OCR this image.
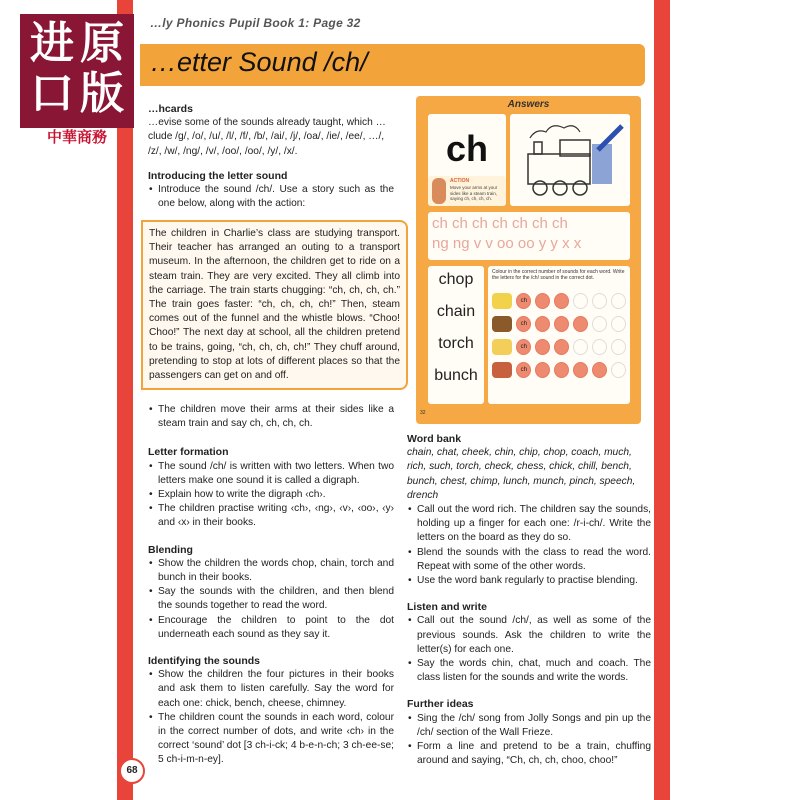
进 原
口 版
中華商務
…ly Phonics Pupil Book 1: Page 32
…etter Sound /ch/
…hcards

…evise some of the sounds already taught, which …clude /g/, /o/, /u/, /l/, /f/, /b/, /ai/, /j/, /oa/, /ie/, /ee/, …/, /z/, /w/, /ng/, /v/, /oo/, /oo/, /y/, /x/.

Introducing the letter sound
• Introduce the sound /ch/. Use a story such as the one below, along with the action:
The children in Charlie’s class are studying transport. Their teacher has arranged an outing to a transport museum. In the afternoon, the children get to ride on a steam train. They are very excited. They all climb into the carriage. The train starts chugging: “ch, ch, ch, ch.” The train goes faster: “ch, ch, ch, ch!” Then, steam comes out of the funnel and the whistle blows. “Choo! Choo!” The next day at school, all the children pretend to be trains, going, “ch, ch, ch, ch!” They chuff around, pretending to stop at lots of different places so that the passengers can get on and off.
• The children move their arms at their sides like a steam train and say ch, ch, ch, ch.
Letter formation
• The sound /ch/ is written with two letters. When two letters make one sound it is called a digraph.
• Explain how to write the digraph ‹ch›.
• The children practise writing ‹ch›, ‹ng›, ‹v›, ‹oo›, ‹y› and ‹x› in their books.
Blending
• Show the children the words chop, chain, torch and bunch in their books.
• Say the sounds with the children, and then blend the sounds together to read the word.
• Encourage the children to point to the dot underneath each sound as they say it.
Identifying the sounds
• Show the children the four pictures in their books and ask them to listen carefully. Say the word for each one: chick, bench, cheese, chimney.
• The children count the sounds in each word, colour in the correct number of dots, and write ‹ch› in the correct ‘sound’ dot [3 ch-i-ck; 4 b-e-n-ch; 3 ch-ee-se; 5 ch-i-m-n-ey].
Answers
ch
ACTION
Move your arms at your sides like a steam train, saying ch, ch, ch, ch.
ch ch ch ch ch ch ch
ng ng v v oo oo y y x x
chop
chain
torch
bunch
Colour in the correct number of sounds for each word. Write the letters for the /ch/ sound in the correct dot.
ch
ch
ch
ch
32
Word bank

chain, chat, cheek, chin, chip, chop, coach, much, rich, such, torch, check, chess, chick, chill, bench, bunch, chest, chimp, lunch, munch, pinch, speech, drench

• Call out the word rich. The children say the sounds, holding up a finger for each one: /r-i-ch/. Write the letters on the board as they do so.
• Blend the sounds with the class to read the word. Repeat with some of the other words.
• Use the word bank regularly to practise blending.
Listen and write
• Call out the sound /ch/, as well as some of the previous sounds. Ask the children to write the letter(s) for each one.
• Say the words chin, chat, much and coach. The class listen for the sounds and write the words.
Further ideas
• Sing the /ch/ song from Jolly Songs and pin up the /ch/ section of the Wall Frieze.
• Form a line and pretend to be a train, chuffing around and saying, “Ch, ch, ch, choo, choo!”
68
